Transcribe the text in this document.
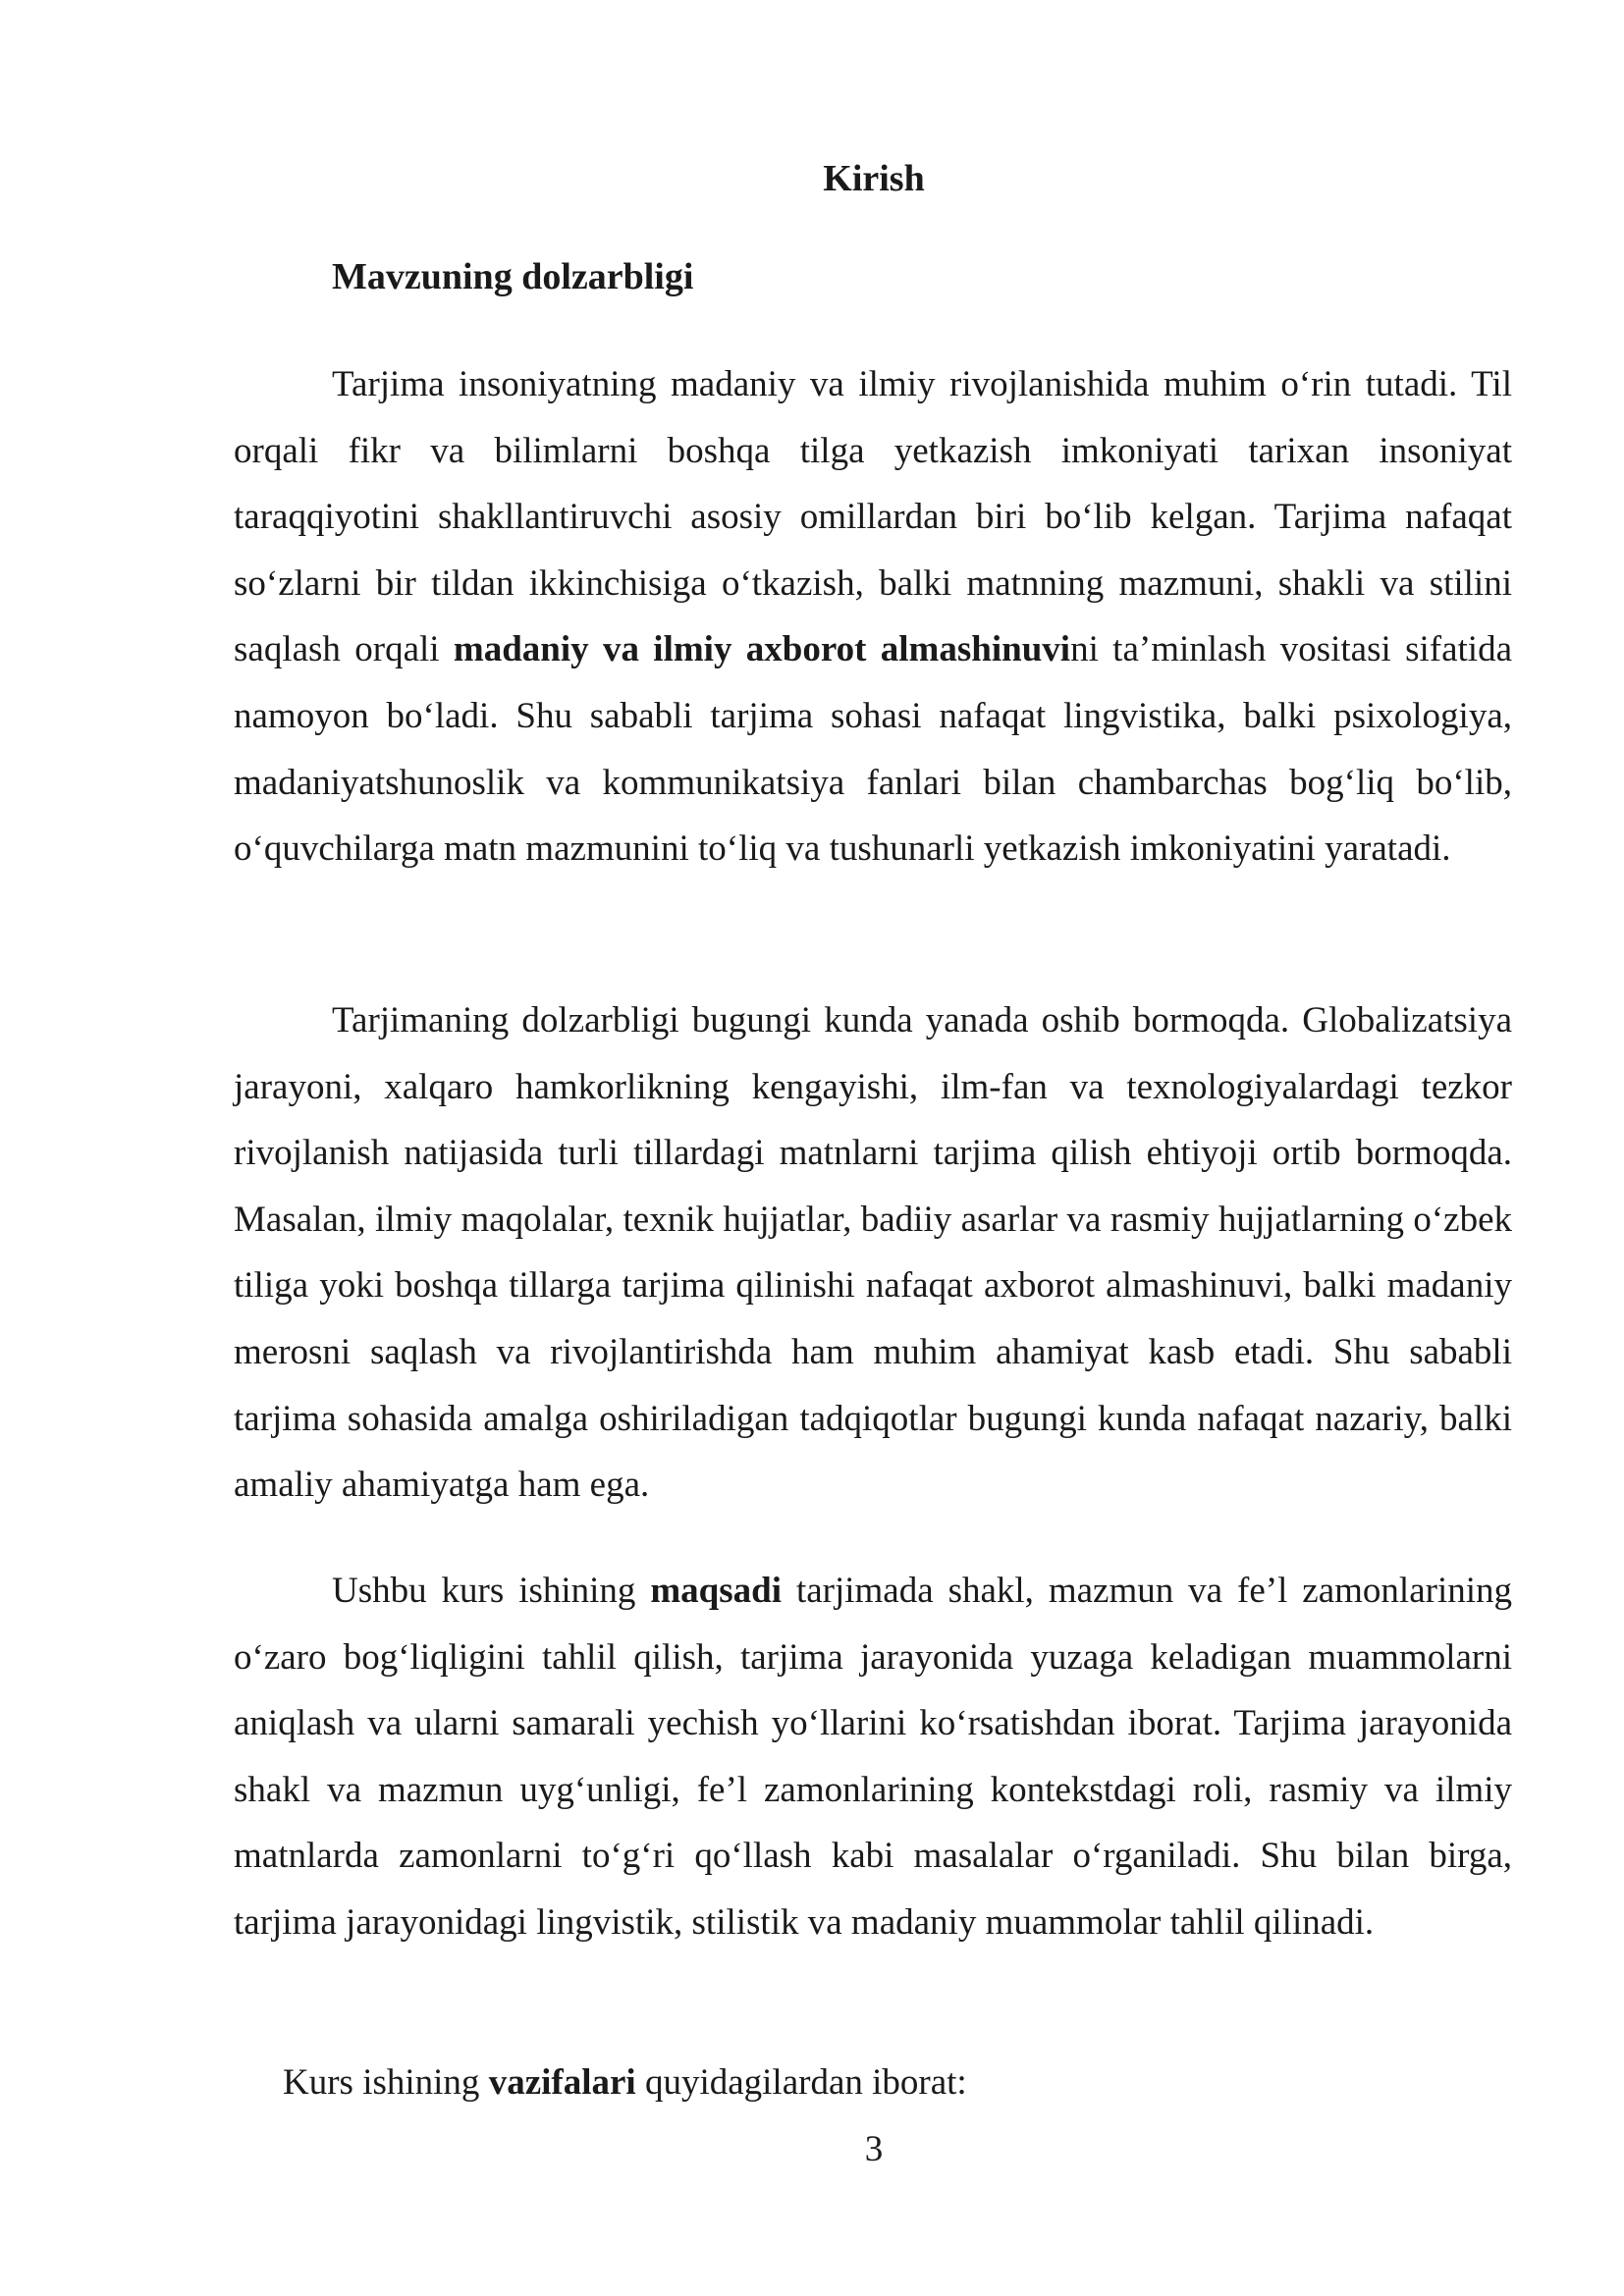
Kirish
Mavzuning dolzarbligi

Tarjima insoniyatning madaniy va ilmiy rivojlanishida muhim o‘rin tutadi. Til orqali fikr va bilimlarni boshqa tilga yetkazish imkoniyati tarixan insoniyat taraqqiyotini shakllantiruvchi asosiy omillardan biri bo‘lib kelgan. Tarjima nafaqat so‘zlarni bir tildan ikkinchisiga o‘tkazish, balki matnning mazmuni, shakli va stilini saqlash orqali madaniy va ilmiy axborot almashinuvini ta’minlash vositasi sifatida namoyon bo‘ladi. Shu sababli tarjima sohasi nafaqat lingvistika, balki psixologiya, madaniyatshunoslik va kommunikatsiya fanlari bilan chambarchas bog‘liq bo‘lib, o‘quvchilarga matn mazmunini to‘liq va tushunarli yetkazish imkoniyatini yaratadi.

Tarjimaning dolzarbligi bugungi kunda yanada oshib bormoqda. Globalizatsiya jarayoni, xalqaro hamkorlikning kengayishi, ilm-fan va texnologiyalardagi tezkor rivojlanish natijasida turli tillardagi matnlarni tarjima qilish ehtiyoji ortib bormoqda. Masalan, ilmiy maqolalar, texnik hujjatlar, badiiy asarlar va rasmiy hujjatlarning o‘zbek tiliga yoki boshqa tillarga tarjima qilinishi nafaqat axborot almashinuvi, balki madaniy merosni saqlash va rivojlantirishda ham muhim ahamiyat kasb etadi. Shu sababli tarjima sohasida amalga oshiriladigan tadqiqotlar bugungi kunda nafaqat nazariy, balki amaliy ahamiyatga ham ega.

Ushbu kurs ishining maqsadi tarjimada shakl, mazmun va fe’l zamonlarining o‘zaro bog‘liqligini tahlil qilish, tarjima jarayonida yuzaga keladigan muammolarni aniqlash va ularni samarali yechish yo‘llarini ko‘rsatishdan iborat. Tarjima jarayonida shakl va mazmun uyg‘unligi, fe’l zamonlarining kontekstdagi roli, rasmiy va ilmiy matnlarda zamonlarni to‘g‘ri qo‘llash kabi masalalar o‘rganiladi. Shu bilan birga, tarjima jarayonidagi lingvistik, stilistik va madaniy muammolar tahlil qilinadi.

Kurs ishining vazifalari quyidagilardan iborat:

3
